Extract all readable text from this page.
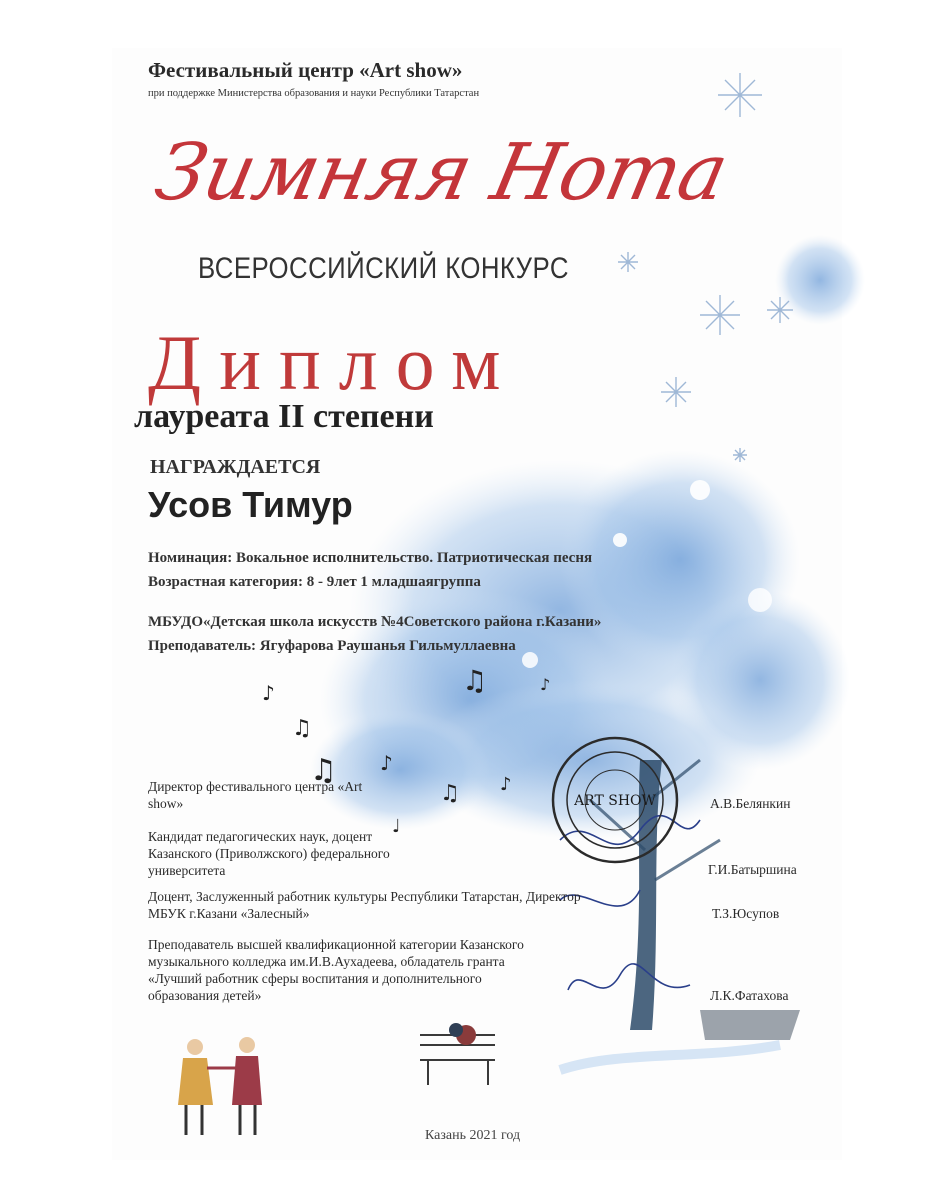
♪
♫
♫ ♪
♫	♪
♫ ♪
♩
ART SHOW
Фестивальный центр «Art show»
при поддержке Министерства образования и науки Республики Татарстан
Зимняя Нота
ВСЕРОССИЙСКИЙ КОНКУРС
Диплом
лауреата II степени
НАГРАЖДАЕТСЯ
Усов Тимур
Номинация: Вокальное исполнительство. Патриотическая песня
Возрастная категория: 8 - 9лет 1 младшаягруппа
МБУДО«Детская школа искусств №4Советского района г.Казани»
Преподаватель: Ягуфарова Раушанья Гильмуллаевна
Директор фестивального центра «Art show»	А.В.Белянкин
Кандидат педагогических наук, доцент Казанского (Приволжского) федерального университета	Г.И.Батыршина
Доцент, Заслуженный работник культуры Республики Татарстан, Директор МБУК г.Казани «Залесный»	Т.З.Юсупов
Преподаватель высшей квалификационной категории Казанского музыкального колледжа им.И.В.Аухадеева, обладатель гранта «Лучший работник сферы воспитания и дополнительного образования детей»	Л.К.Фатахова
Казань 2021 год
